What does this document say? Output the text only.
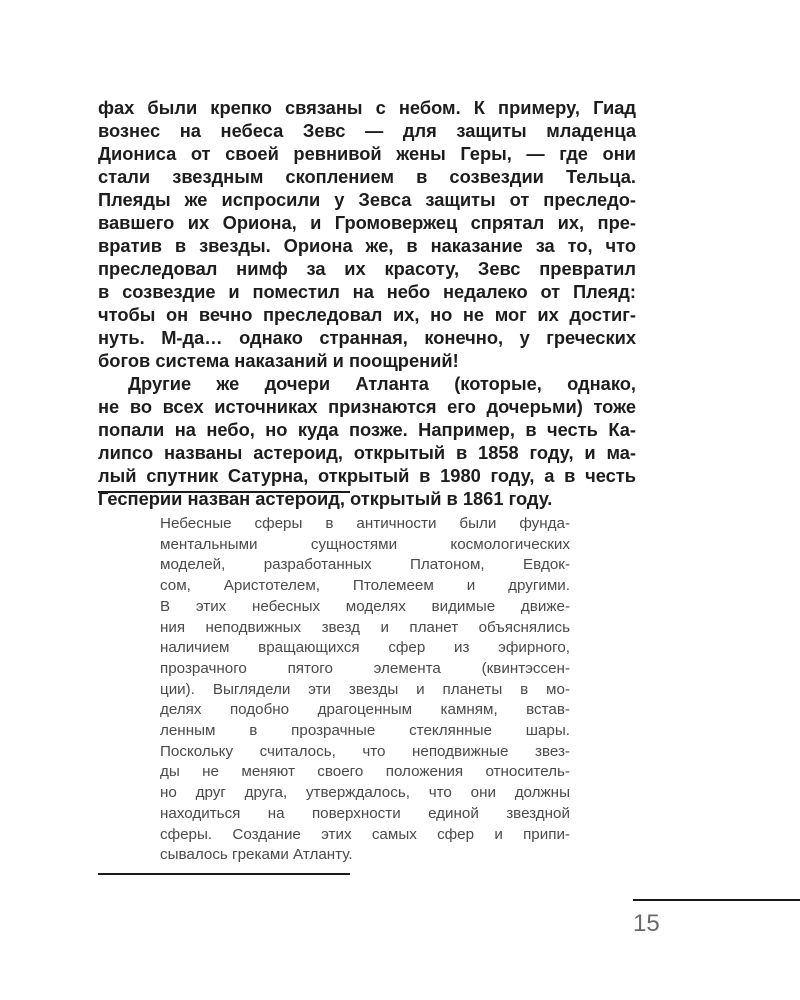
фах были крепко связаны с небом. К примеру, Гиад
вознес на небеса Зевс — для защиты младенца
Диониса от своей ревнивой жены Геры, — где они
стали звездным скоплением в созвездии Тельца.
Плеяды же испросили у Зевса защиты от преследо-
вавшего их Ориона, и Громовержец спрятал их, пре-
вратив в звезды. Ориона же, в наказание за то, что
преследовал нимф за их красоту, Зевс превратил
в созвездие и поместил на небо недалеко от Плеяд:
чтобы он вечно преследовал их, но не мог их достиг-
нуть. М-да… однако странная, конечно, у греческих
богов система наказаний и поощрений!
Другие же дочери Атланта (которые, однако,
не во всех источниках признаются его дочерьми) тоже
попали на небо, но куда позже. Например, в честь Ка-
липсо названы астероид, открытый в 1858 году, и ма-
лый спутник Сатурна, открытый в 1980 году, а в честь
Гесперии назван астероид, открытый в 1861 году.
Небесные сферы в античности были фунда-
ментальными сущностями космологических
моделей, разработанных Платоном, Евдок-
сом, Аристотелем, Птолемеем и другими.
В этих небесных моделях видимые движе-
ния неподвижных звезд и планет объяснялись
наличием вращающихся сфер из эфирного,
прозрачного пятого элемента (квинтэссен-
ции). Выглядели эти звезды и планеты в мо-
делях подобно драгоценным камням, встав-
ленным в прозрачные стеклянные шары.
Поскольку считалось, что неподвижные звез-
ды не меняют своего положения относитель-
но друг друга, утверждалось, что они должны
находиться на поверхности единой звездной
сферы. Создание этих самых сфер и припи-
сывалось греками Атланту.
15
